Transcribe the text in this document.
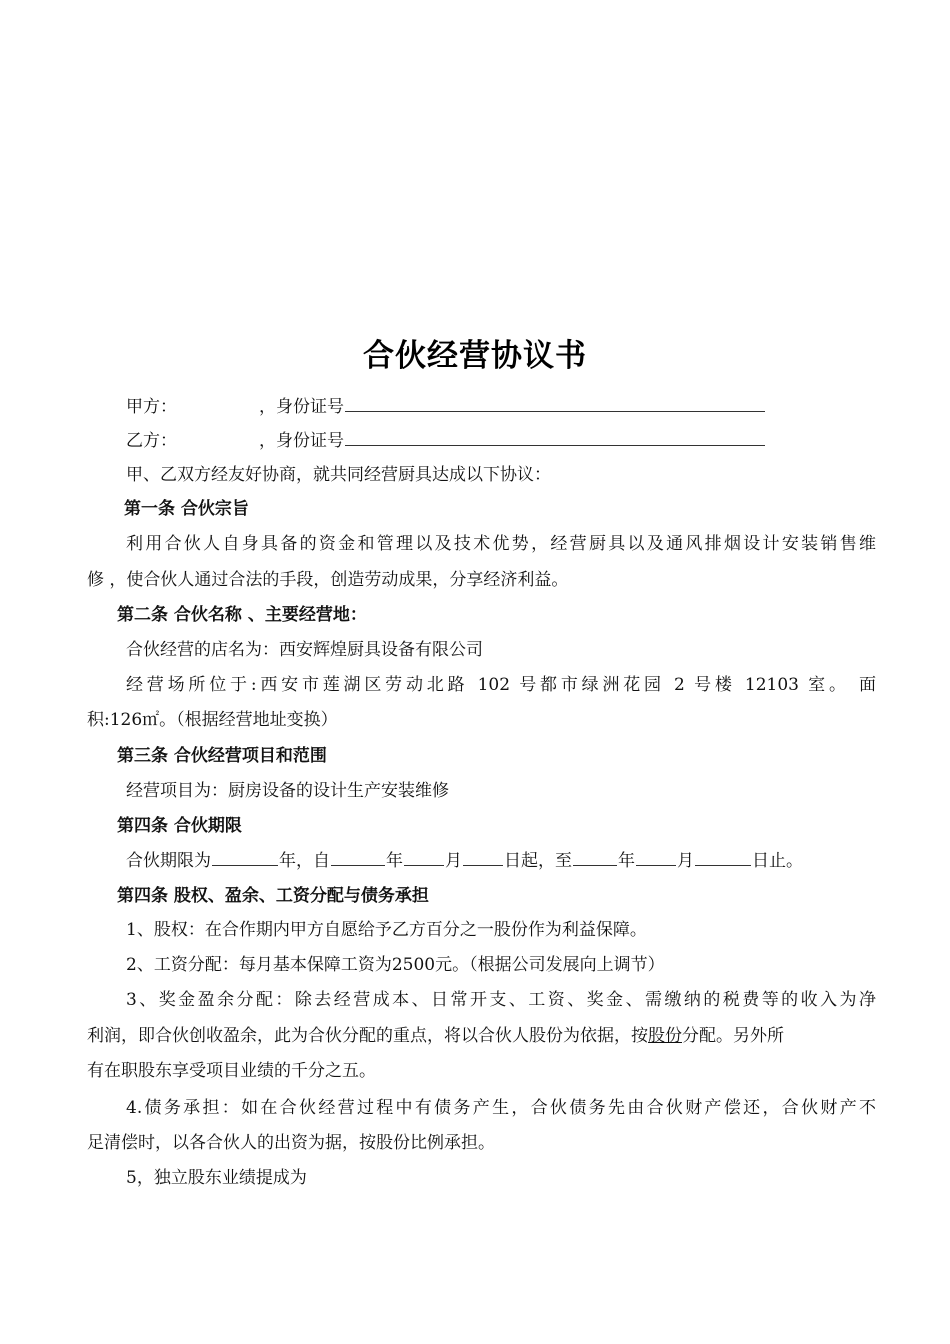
合伙经营协议书
甲方：	，身份证号
乙方：	，身份证号
甲、乙双方经友好协商，就共同经营厨具达成以下协议：
第一条 合伙宗旨
利用合伙人自身具备的资金和管理以及技术优势，经营厨具以及通风排烟设计安装销售维
修 ，使合伙人通过合法的手段，创造劳动成果，分享经济利益。
第二条 合伙名称 、主要经营地：
合伙经营的店名为：西安辉煌厨具设备有限公司
经营场所位于:西安市莲湖区劳动北路 102 号都市绿洲花园 2 号楼 12103 室。 面
积:126㎡。（根据经营地址变换）
第三条 合伙经营项目和范围
经营项目为：厨房设备的设计生产安装维修
第四条 合伙期限
合伙期限为	年，自	年 月 日起，至	年 月	日止。
第四条 股权、盈余、工资分配与债务承担
1、股权：在合作期内甲方自愿给予乙方百分之一股份作为利益保障。
2、工资分配：每月基本保障工资为2500元。（根据公司发展向上调节）
3、奖金盈余分配：除去经营成本、日常开支、工资、奖金、需缴纳的税费等的收入为净
利润，即合伙创收盈余，此为合伙分配的重点，将以合伙人股份为依据，按股份分配。另外所
有在职股东享受项目业绩的千分之五。
4.债务承担：如在合伙经营过程中有债务产生，合伙债务先由合伙财产偿还，合伙财产不
足清偿时，以各合伙人的出资为据，按股份比例承担。
5，独立股东业绩提成为
